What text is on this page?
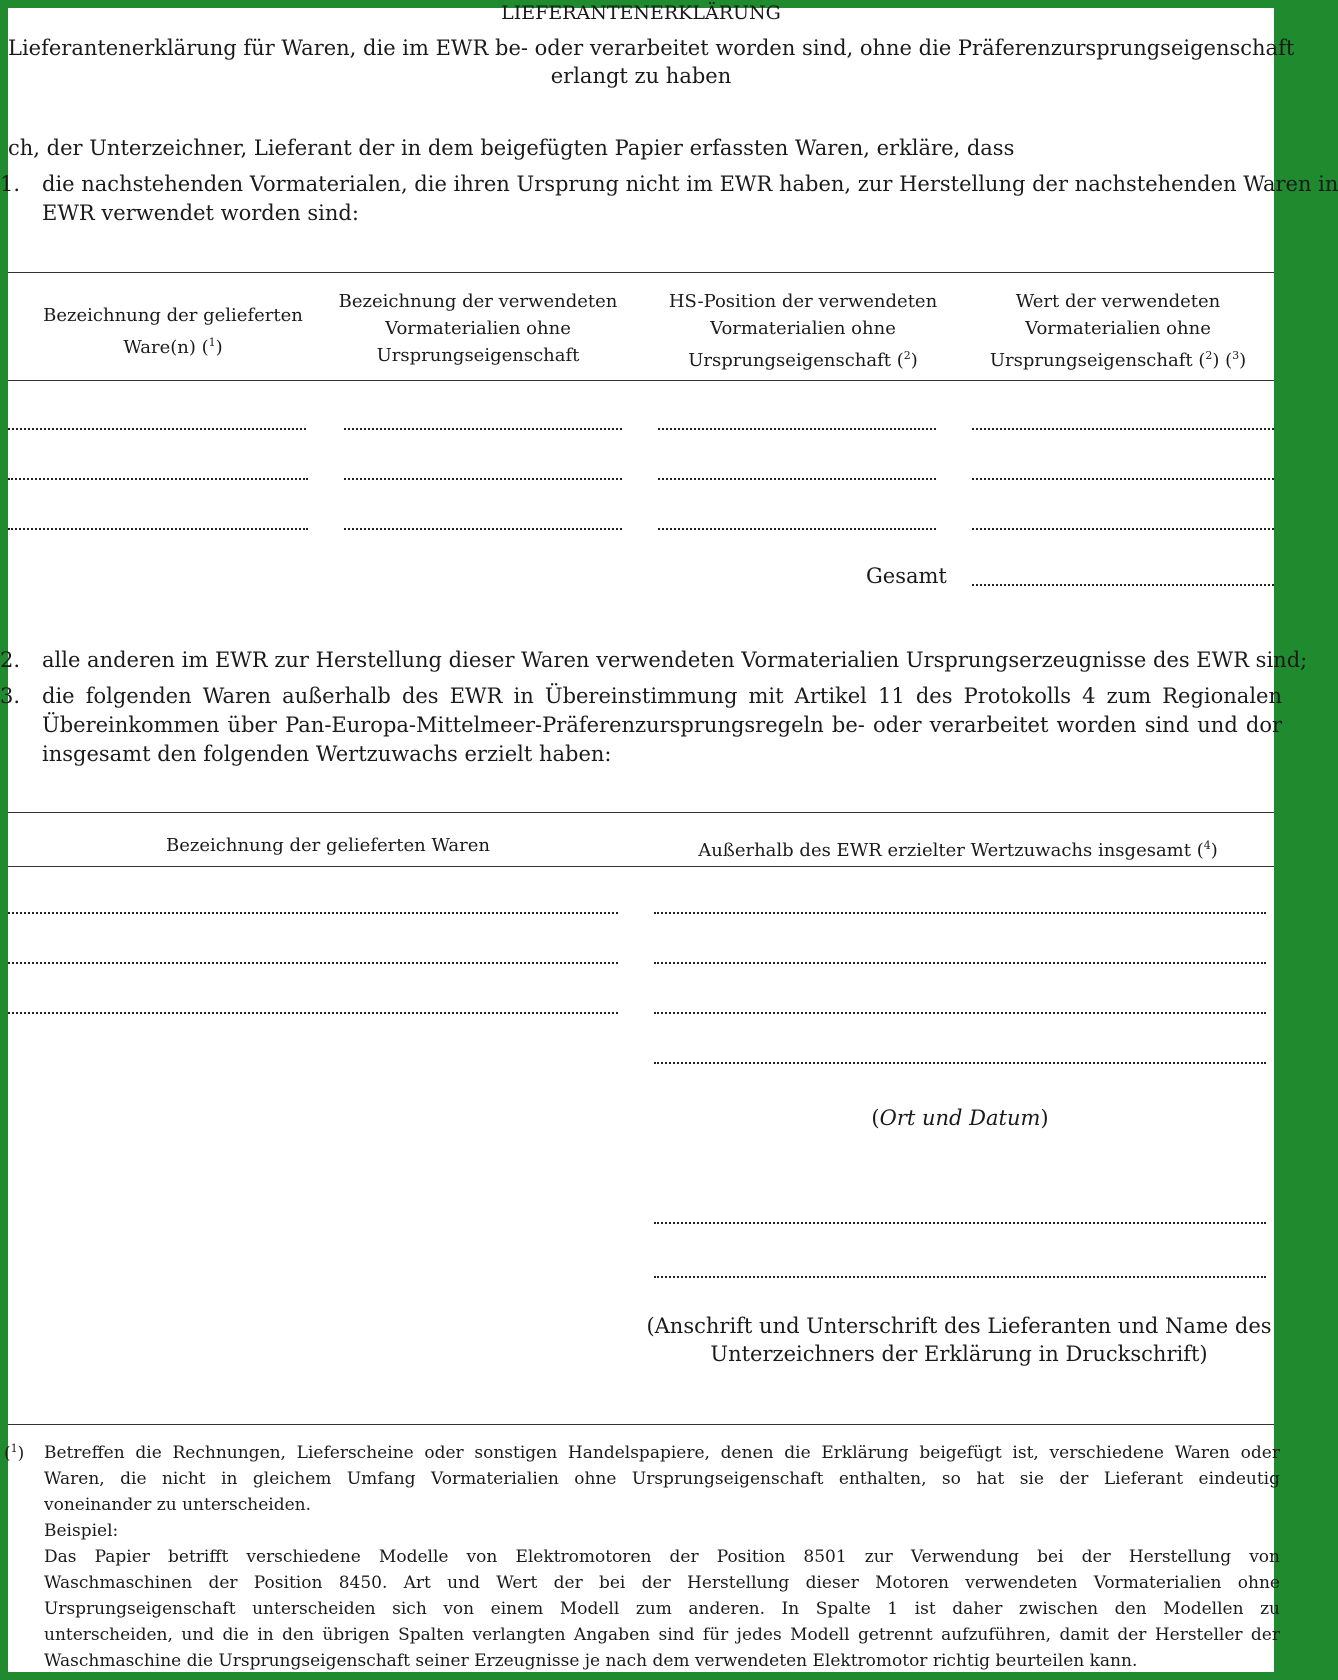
LIEFERANTENERKLÄRUNG
Lieferantenerklärung für Waren, die im EWR be- oder verarbeitet worden sind, ohne die Präferenzursprungseigenschaft
erlangt zu haben
ch, der Unterzeichner, Lieferant der in dem beigefügten Papier erfassten Waren, erkläre, dass
1. die nachstehenden Vormaterialen, die ihren Ursprung nicht im EWR haben, zur Herstellung der nachstehenden Waren in
EWR verwendet worden sind:
Bezeichnung der gelieferten
Ware(n) ($^1$)
Bezeichnung der verwendeten
Vormaterialien ohne
Ursprungseigenschaft
HS-Position der verwendeten
Vormaterialien ohne
Ursprungseigenschaft ($^2$)
Wert der verwendeten
Vormaterialien ohne
Ursprungseigenschaft ($^2$) ($^3$)
Gesamt
2. alle anderen im EWR zur Herstellung dieser Waren verwendeten Vormaterialien Ursprungserzeugnisse des EWR sind;
3. die folgenden Waren außerhalb des EWR in Übereinstimmung mit Artikel 11 des Protokolls 4 zum Regionalen
Übereinkommen über Pan-Europa-Mittelmeer-Präferenzursprungsregeln be- oder verarbeitet worden sind und dor
insgesamt den folgenden Wertzuwachs erzielt haben:
Bezeichnung der gelieferten Waren	Außerhalb des EWR erzielter Wertzuwachs insgesamt ($^4$)
(Ort und Datum)
(Anschrift und Unterschrift des Lieferanten und Name des
Unterzeichners der Erklärung in Druckschrift)
($^1$) Betreffen die Rechnungen, Lieferscheine oder sonstigen Handelspapiere, denen die Erklärung beigefügt ist, verschiedene Waren oder
Waren, die nicht in gleichem Umfang Vormaterialien ohne Ursprungseigenschaft enthalten, so hat sie der Lieferant eindeutig
voneinander zu unterscheiden.
Beispiel:
Das Papier betrifft verschiedene Modelle von Elektromotoren der Position 8501 zur Verwendung bei der Herstellung von
Waschmaschinen der Position 8450. Art und Wert der bei der Herstellung dieser Motoren verwendeten Vormaterialien ohne
Ursprungseigenschaft unterscheiden sich von einem Modell zum anderen. In Spalte 1 ist daher zwischen den Modellen zu
unterscheiden, und die in den übrigen Spalten verlangten Angaben sind für jedes Modell getrennt aufzuführen, damit der Hersteller der
Waschmaschine die Ursprungseigenschaft seiner Erzeugnisse je nach dem verwendeten Elektromotor richtig beurteilen kann.
